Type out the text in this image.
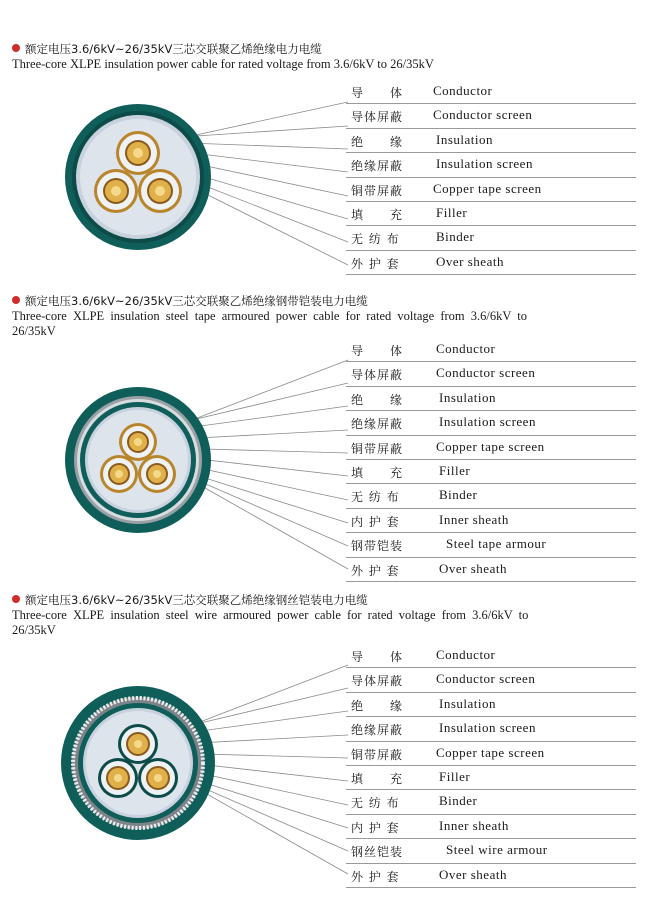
额定电压3.6/6kV~26/35kV三芯交联聚乙烯绝缘电力电缆
Three-core XLPE insulation power cable for rated voltage from 3.6/6kV to 26/35kV
导　　体 Conductor
导体屏蔽 Conductor screen
绝　　缘	Insulation
绝缘屏蔽	Insulation screen
铜带屏蔽 Copper tape screen
填　　充	Filler
无 纺 布	Binder
外 护 套	Over sheath
额定电压3.6/6kV~26/35kV三芯交联聚乙烯绝缘钢带铠装电力电缆
Three-core XLPE insulation steel tape armoured power cable for rated voltage from 3.6/6kV to 26/35kV
导　　体	Conductor
导体屏蔽	Conductor screen
绝　　缘	Insulation
绝缘屏蔽	Insulation screen
铜带屏蔽	Copper tape screen
填　　充	Filler
无 纺 布	Binder
内 护 套	Inner sheath
钢带铠装	Steel tape armour
外 护 套	Over sheath
额定电压3.6/6kV~26/35kV三芯交联聚乙烯绝缘钢丝铠装电力电缆
Three-core XLPE insulation steel wire armoured power cable for rated voltage from 3.6/6kV to 26/35kV
导　　体	Conductor
导体屏蔽	Conductor screen
绝　　缘	Insulation
绝缘屏蔽	Insulation screen
铜带屏蔽	Copper tape screen
填　　充	Filler
无 纺 布	Binder
内 护 套	Inner sheath
钢丝铠装	Steel wire armour
外 护 套	Over sheath
